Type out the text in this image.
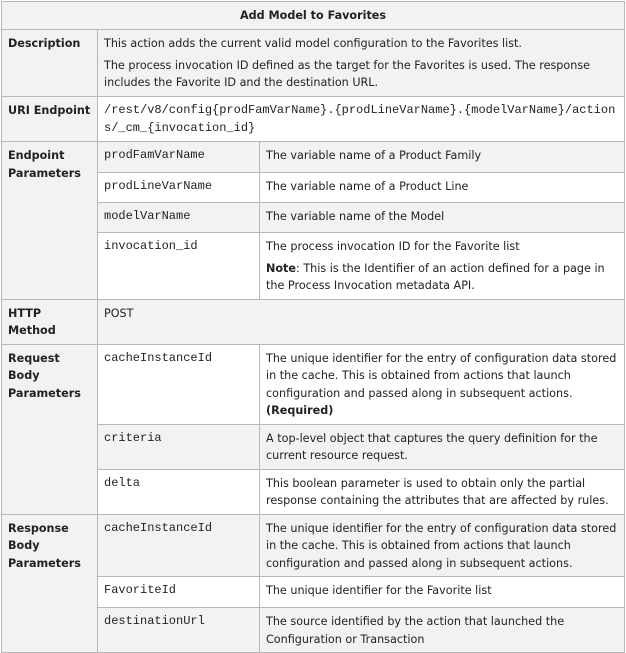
Add Model to Favorites		
Description	This action adds the current valid model configuration to the Favorites list.

The process invocation ID defined as the target for the Favorites is used. The response includes the Favorite ID and the destination URL.	

URI Endpoint	/rest/v8/config{prodFamVarName}.{prodLineVarName}.{modelVarName}/actions/_cm_{invocation_id}	
Endpoint Parameters	prodFamVarName	The variable name of a Product Family
	prodLineVarName	The variable name of a Product Line
	modelVarName	The variable name of the Model
	invocation_id	The process invocation ID for the Favorite list

Note: This is the Identifier of an action defined for a page in the Process Invocation metadata API.

HTTP Method	POST	
Request Body Parameters	cacheInstanceId	The unique identifier for the entry of configuration data stored in the cache. This is obtained from actions that launch configuration and passed along in subsequent actions.
(Required)
	criteria	A top-level object that captures the query definition for the current resource request.
	delta	This boolean parameter is used to obtain only the partial response containing the attributes that are affected by rules.
Response Body Parameters	cacheInstanceId	The unique identifier for the entry of configuration data stored in the cache. This is obtained from actions that launch configuration and passed along in subsequent actions.
	FavoriteId	The unique identifier for the Favorite list
	destinationUrl	The source identified by the action that launched the Configuration or Transaction
